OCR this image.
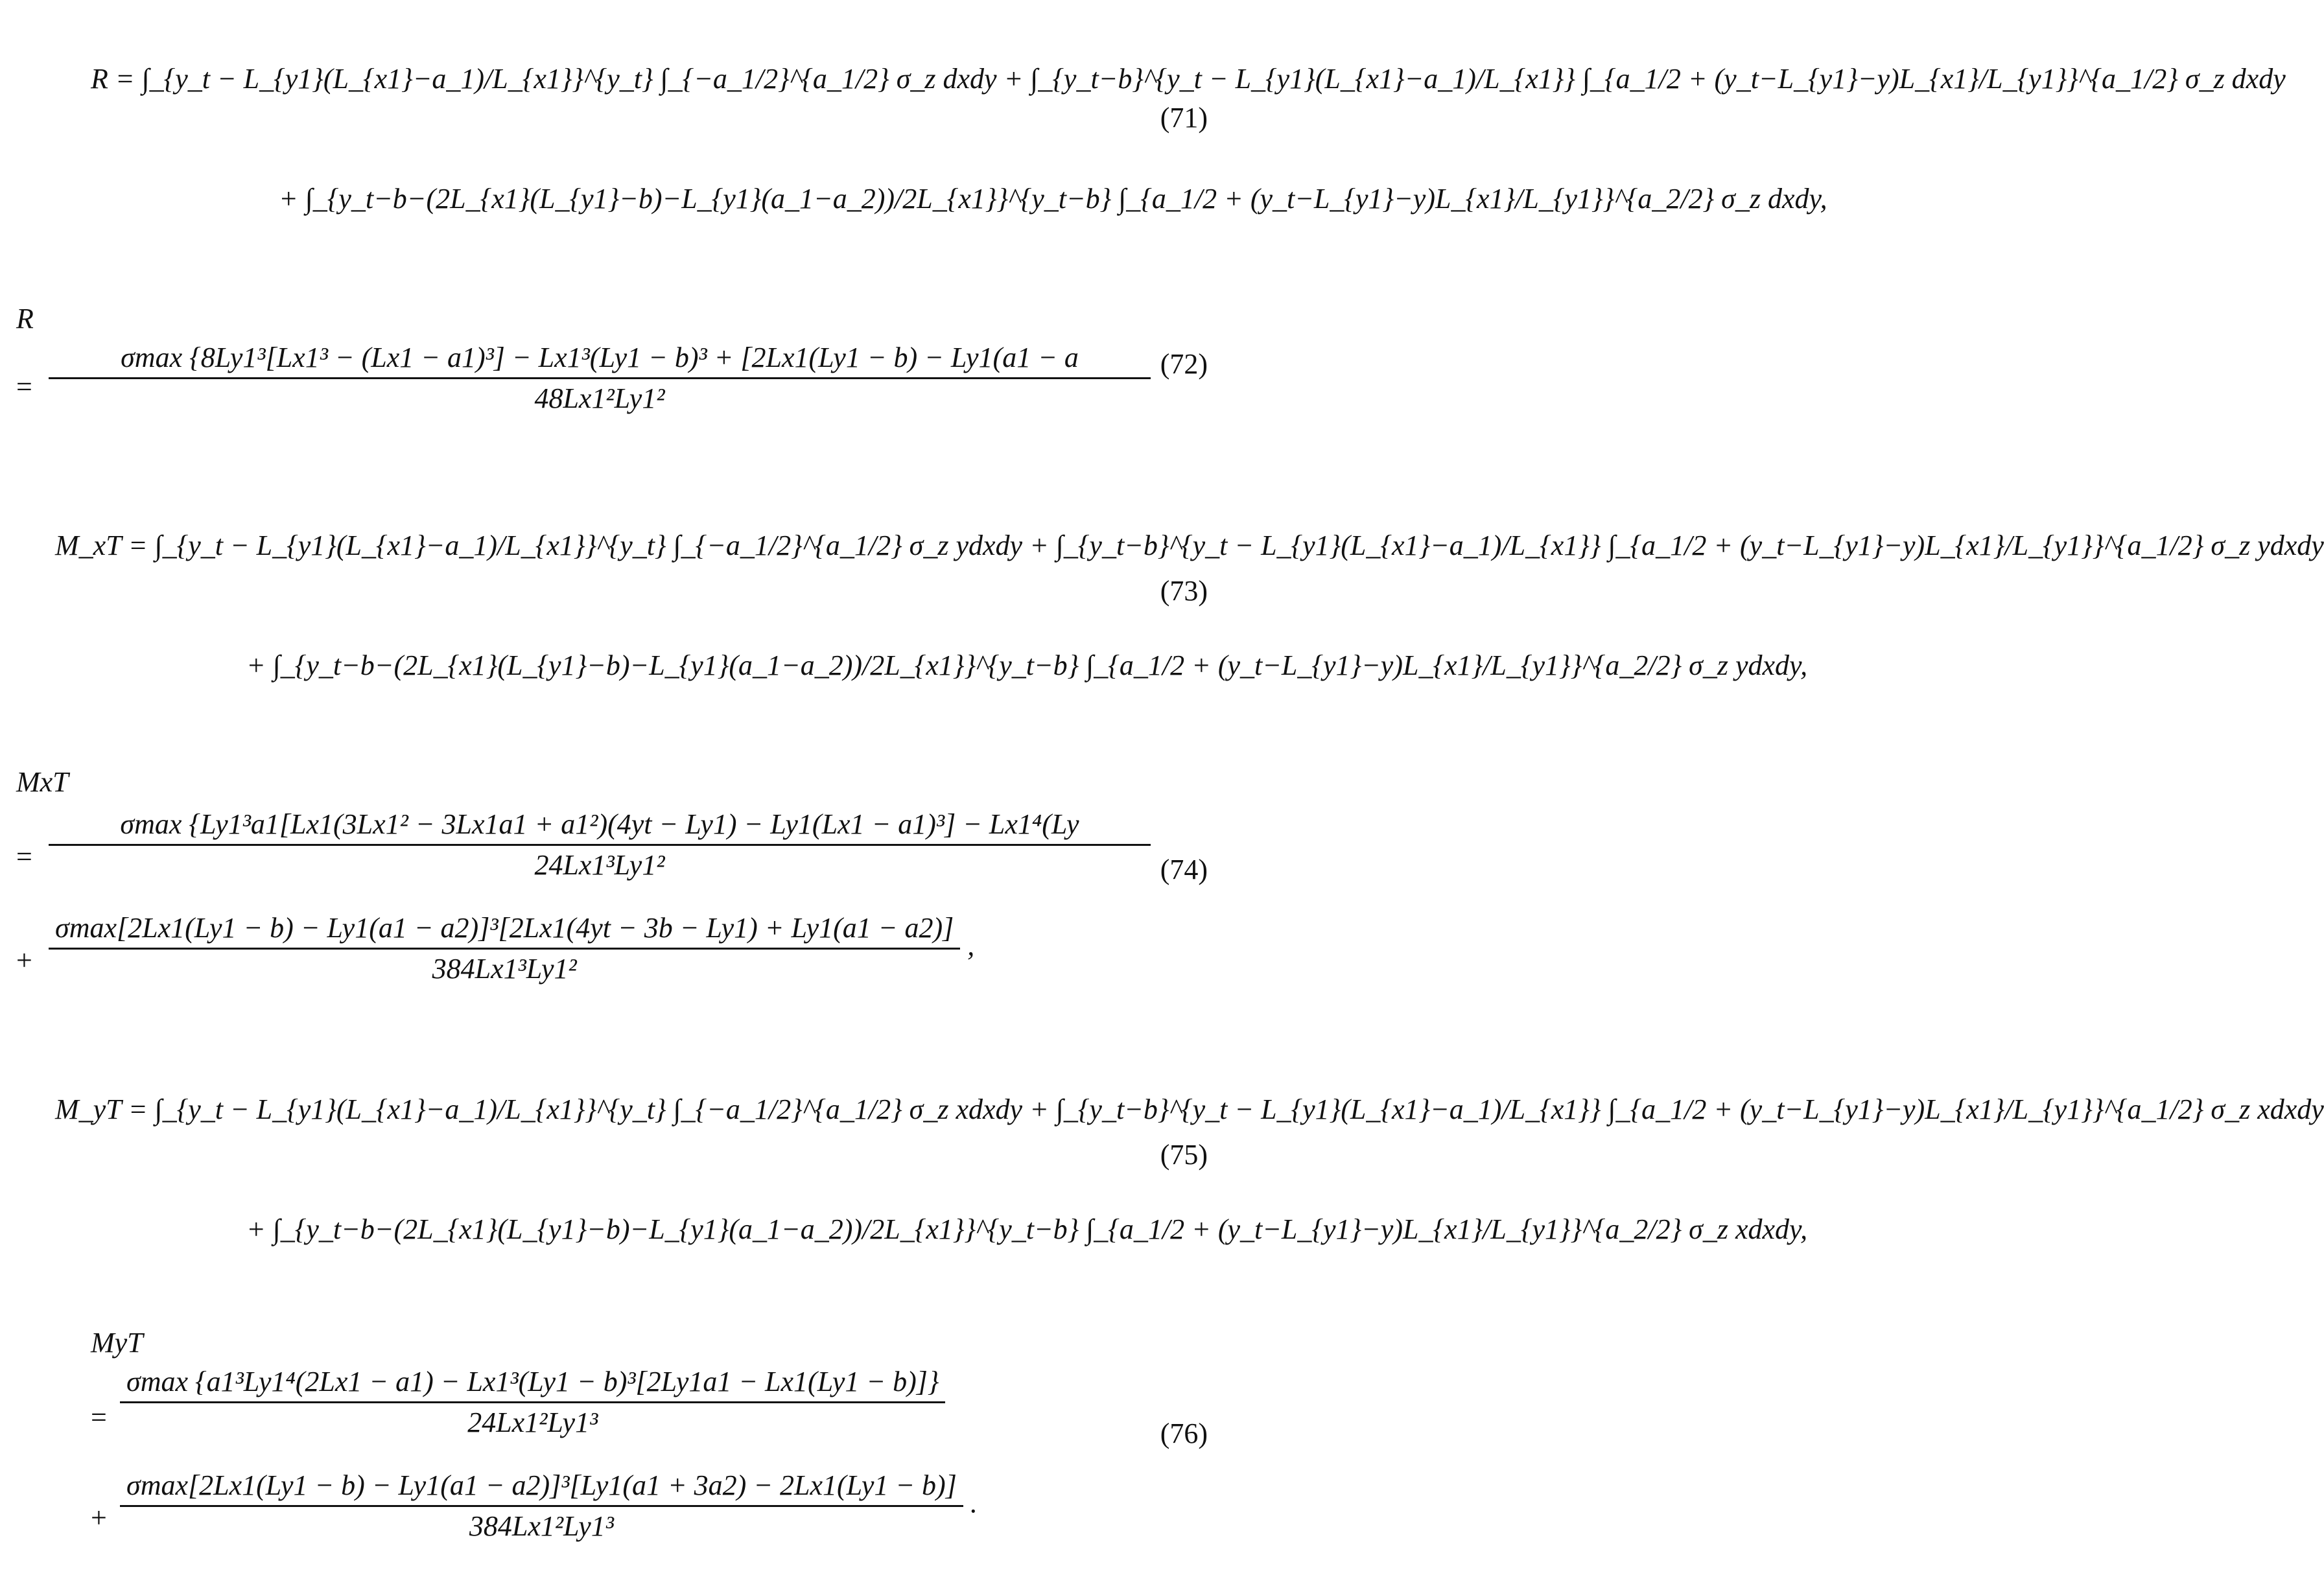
R = ∫_{y_t − L_{y1}(L_{x1}−a_1)/L_{x1}}^{y_t} ∫_{−a_1/2}^{a_1/2} σ_z dxdy + ∫_{y_t−b}^{y_t − L_{y1}(L_{x1}−a_1)/L_{x1}} ∫_{a_1/2 + (y_t−L_{y1}−y)L_{x1}/L_{y1}}^{a_1/2} σ_z dxdy
+ ∫_{y_t−b−(2L_{x1}(L_{y1}−b)−L_{y1}(a_1−a_2))/2L_{x1}}^{y_t−b} ∫_{a_1/2 + (y_t−L_{y1}−y)L_{x1}/L_{y1}}^{a_2/2} σ_z dxdy,
(71)
R
=
σmax {8Ly1³[Lx1³ − (Lx1 − a1)³] − Lx1³(Ly1 − b)³ + [2Lx1(Ly1 − b) − Ly1(a1 − a
48Lx1²Ly1²
(72)
M_xT = ∫_{y_t − L_{y1}(L_{x1}−a_1)/L_{x1}}^{y_t} ∫_{−a_1/2}^{a_1/2} σ_z ydxdy + ∫_{y_t−b}^{y_t − L_{y1}(L_{x1}−a_1)/L_{x1}} ∫_{a_1/2 + (y_t−L_{y1}−y)L_{x1}/L_{y1}}^{a_1/2} σ_z ydxdy
+ ∫_{y_t−b−(2L_{x1}(L_{y1}−b)−L_{y1}(a_1−a_2))/2L_{x1}}^{y_t−b} ∫_{a_1/2 + (y_t−L_{y1}−y)L_{x1}/L_{y1}}^{a_2/2} σ_z ydxdy,
(73)
MxT
=
σmax {Ly1³a1[Lx1(3Lx1² − 3Lx1a1 + a1²)(4yt − Ly1) − Ly1(Lx1 − a1)³] − Lx1⁴(Ly
24Lx1³Ly1²
+
σmax[2Lx1(Ly1 − b) − Ly1(a1 − a2)]³[2Lx1(4yt − 3b − Ly1) + Ly1(a1 − a2)]
384Lx1³Ly1²
,
(74)
M_yT = ∫_{y_t − L_{y1}(L_{x1}−a_1)/L_{x1}}^{y_t} ∫_{−a_1/2}^{a_1/2} σ_z xdxdy + ∫_{y_t−b}^{y_t − L_{y1}(L_{x1}−a_1)/L_{x1}} ∫_{a_1/2 + (y_t−L_{y1}−y)L_{x1}/L_{y1}}^{a_1/2} σ_z xdxdy
+ ∫_{y_t−b−(2L_{x1}(L_{y1}−b)−L_{y1}(a_1−a_2))/2L_{x1}}^{y_t−b} ∫_{a_1/2 + (y_t−L_{y1}−y)L_{x1}/L_{y1}}^{a_2/2} σ_z xdxdy,
(75)
MyT
=
σmax {a1³Ly1⁴(2Lx1 − a1) − Lx1³(Ly1 − b)³[2Ly1a1 − Lx1(Ly1 − b)]}
24Lx1²Ly1³
+
σmax[2Lx1(Ly1 − b) − Ly1(a1 − a2)]³[Ly1(a1 + 3a2) − 2Lx1(Ly1 − b)]
384Lx1²Ly1³
.
(76)
